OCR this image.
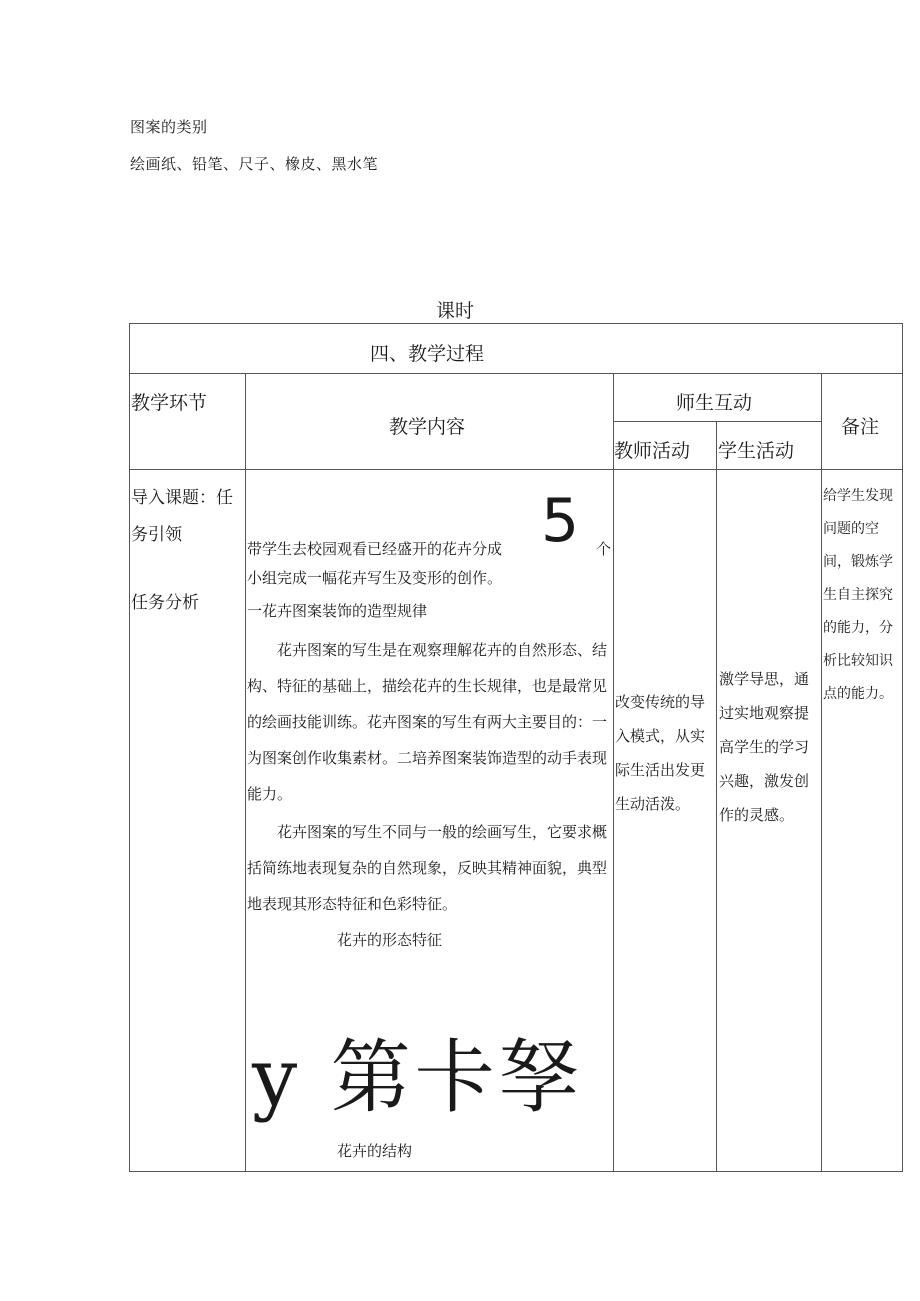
图案的类别
绘画纸、铅笔、尺子、橡皮、黑水笔
课时
四、教学过程
教学环节
教学内容
师生互动
教师活动 学生活动
备注
导入课题：任务引领
任务分析
带学生去校园观看已经盛开的花卉分成 5 个
小组完成一幅花卉写生及变形的创作。
一花卉图案装饰的造型规律
花卉图案的写生是在观察理解花卉的自然形态、结构、特征的基础上，描绘花卉的生长规律，也是最常见的绘画技能训练。花卉图案的写生有两大主要目的：一为图案创作收集素材。二培养图案装饰造型的动手表现能力。
花卉图案的写生不同与一般的绘画写生，它要求概括简练地表现复杂的自然现象，反映其精神面貌，典型地表现其形态特征和色彩特征。
花卉的形态特征
y 第卡孥
花卉的结构
改变传统的导入模式，从实际生活出发更生动活泼。
激学导思，通过实地观察提高学生的学习兴趣，激发创作的灵感。
给学生发现问题的空间，锻炼学生自主探究的能力，分析比较知识点的能力。
